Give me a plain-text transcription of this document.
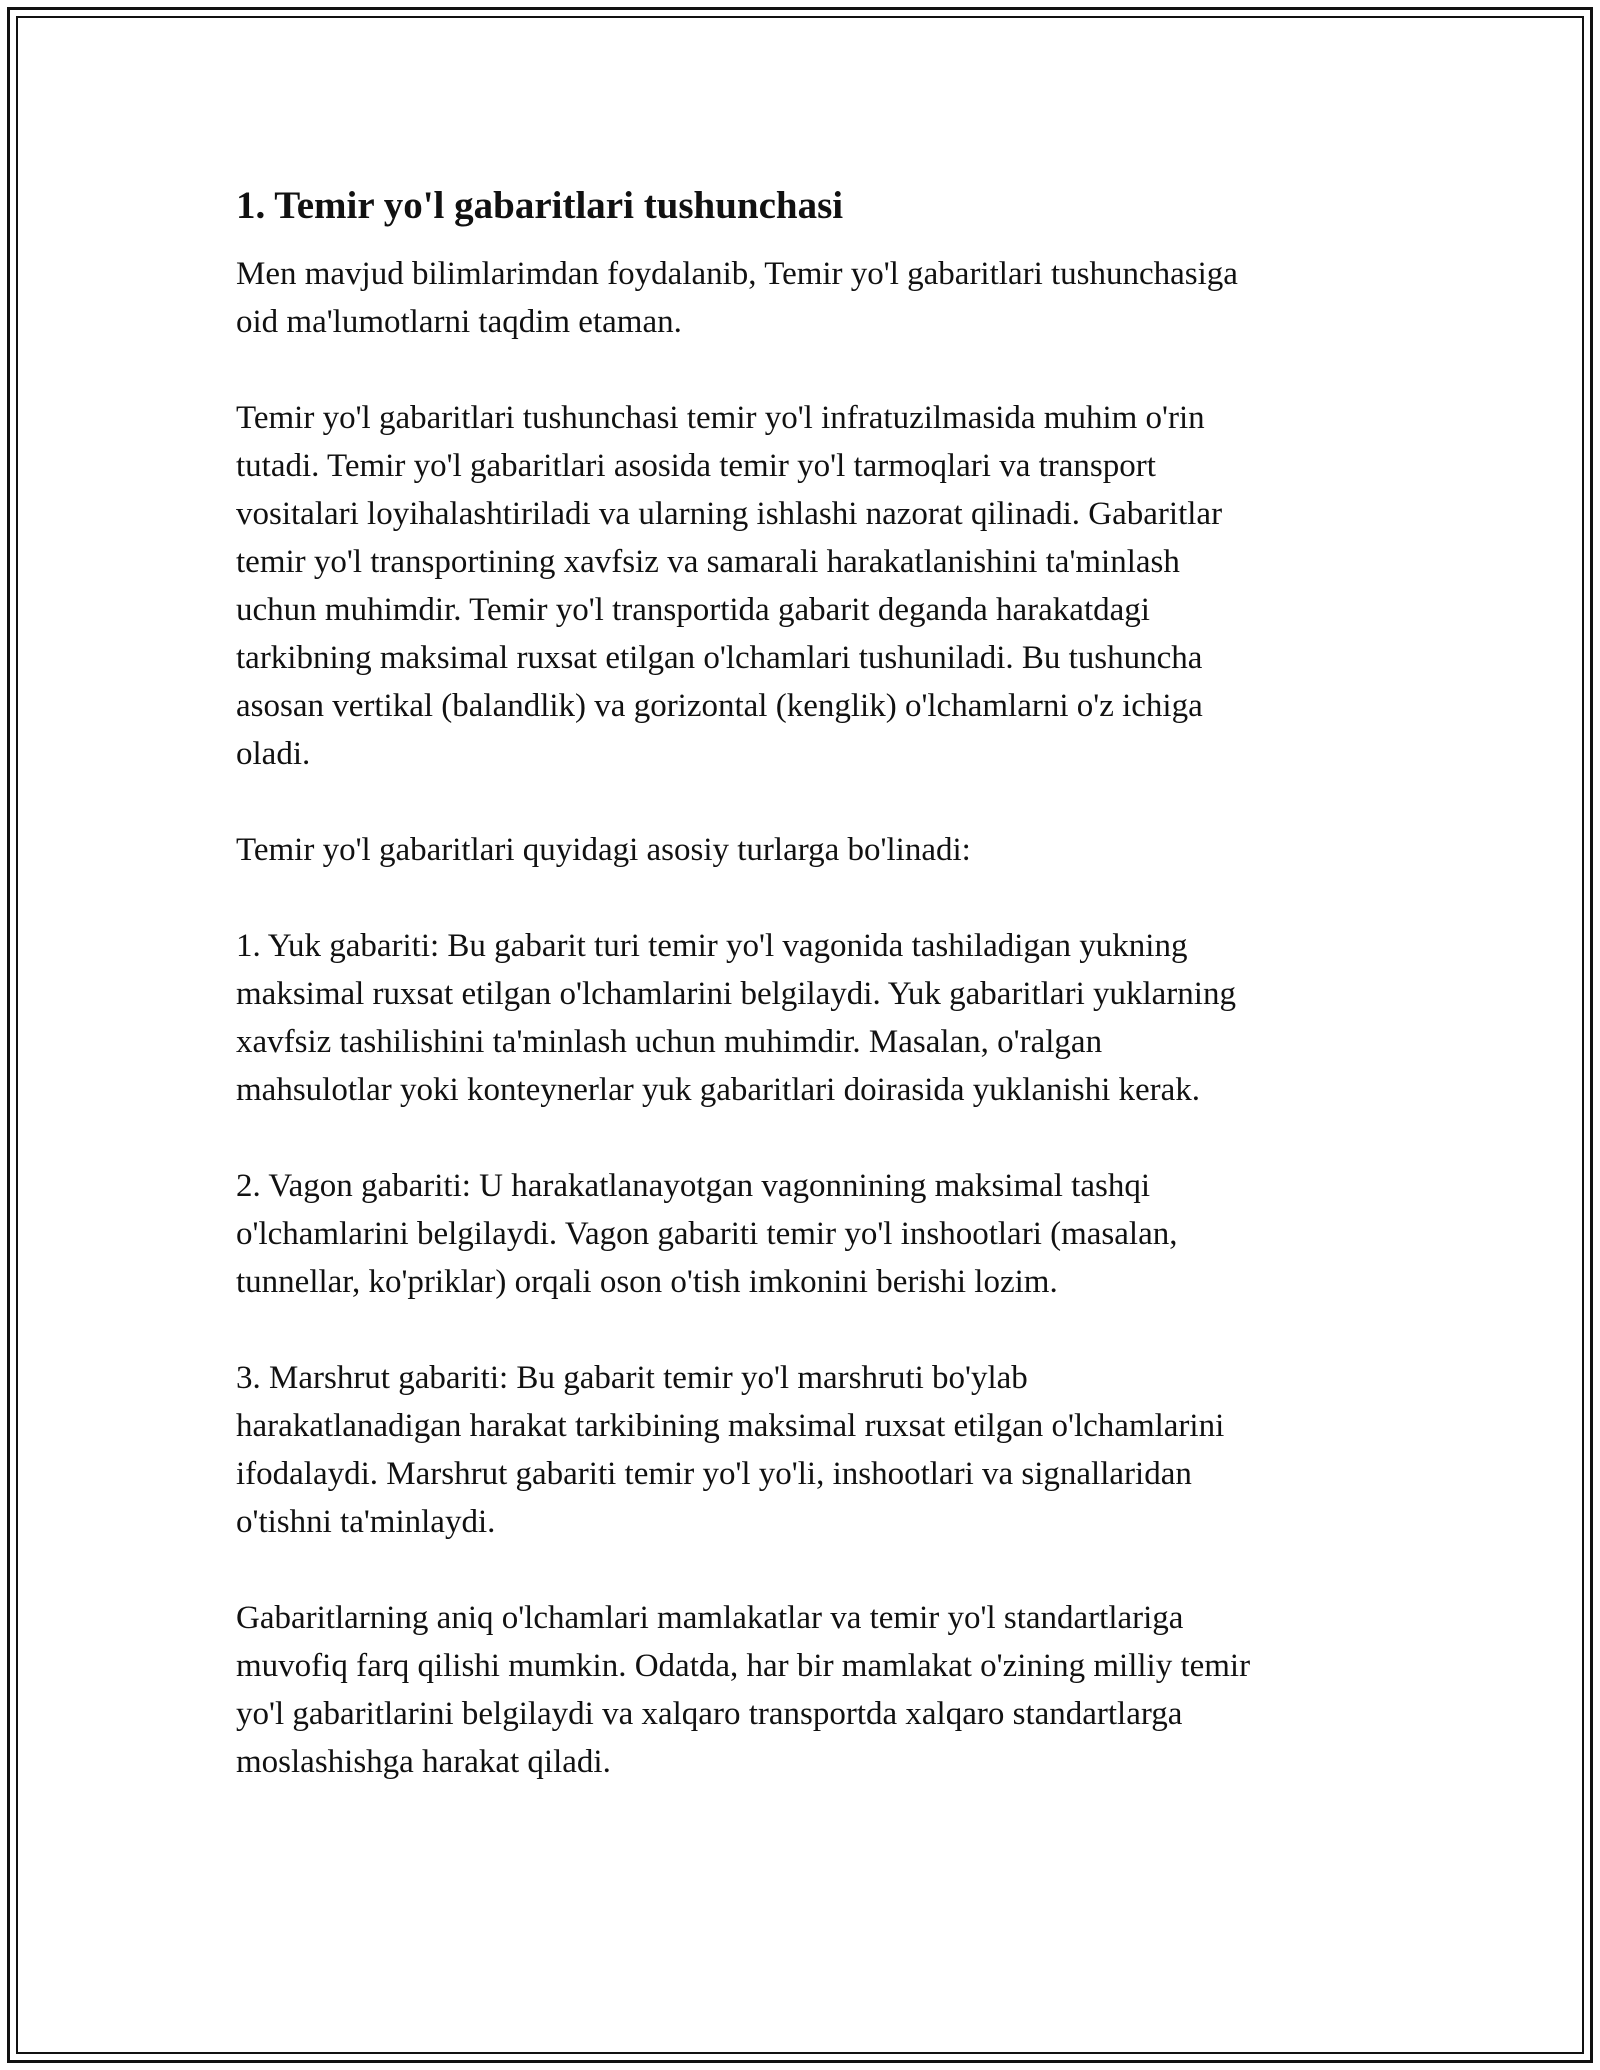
1. Temir yo'l gabaritlari tushunchasi

Men mavjud bilimlarimdan foydalanib, Temir yo'l gabaritlari tushunchasiga
oid ma'lumotlarni taqdim etaman.

Temir yo'l gabaritlari tushunchasi temir yo'l infratuzilmasida muhim o'rin
tutadi. Temir yo'l gabaritlari asosida temir yo'l tarmoqlari va transport
vositalari loyihalashtiriladi va ularning ishlashi nazorat qilinadi. Gabaritlar
temir yo'l transportining xavfsiz va samarali harakatlanishini ta'minlash
uchun muhimdir. Temir yo'l transportida gabarit deganda harakatdagi
tarkibning maksimal ruxsat etilgan o'lchamlari tushuniladi. Bu tushuncha
asosan vertikal (balandlik) va gorizontal (kenglik) o'lchamlarni o'z ichiga
oladi.

Temir yo'l gabaritlari quyidagi asosiy turlarga bo'linadi:

1. Yuk gabariti: Bu gabarit turi temir yo'l vagonida tashiladigan yukning
maksimal ruxsat etilgan o'lchamlarini belgilaydi. Yuk gabaritlari yuklarning
xavfsiz tashilishini ta'minlash uchun muhimdir. Masalan, o'ralgan
mahsulotlar yoki konteynerlar yuk gabaritlari doirasida yuklanishi kerak.

2. Vagon gabariti: U harakatlanayotgan vagonnining maksimal tashqi
o'lchamlarini belgilaydi. Vagon gabariti temir yo'l inshootlari (masalan,
tunnellar, ko'priklar) orqali oson o'tish imkonini berishi lozim.

3. Marshrut gabariti: Bu gabarit temir yo'l marshruti bo'ylab
harakatlanadigan harakat tarkibining maksimal ruxsat etilgan o'lchamlarini
ifodalaydi. Marshrut gabariti temir yo'l yo'li, inshootlari va signallaridan
o'tishni ta'minlaydi.

Gabaritlarning aniq o'lchamlari mamlakatlar va temir yo'l standartlariga
muvofiq farq qilishi mumkin. Odatda, har bir mamlakat o'zining milliy temir
yo'l gabaritlarini belgilaydi va xalqaro transportda xalqaro standartlarga
moslashishga harakat qiladi.
